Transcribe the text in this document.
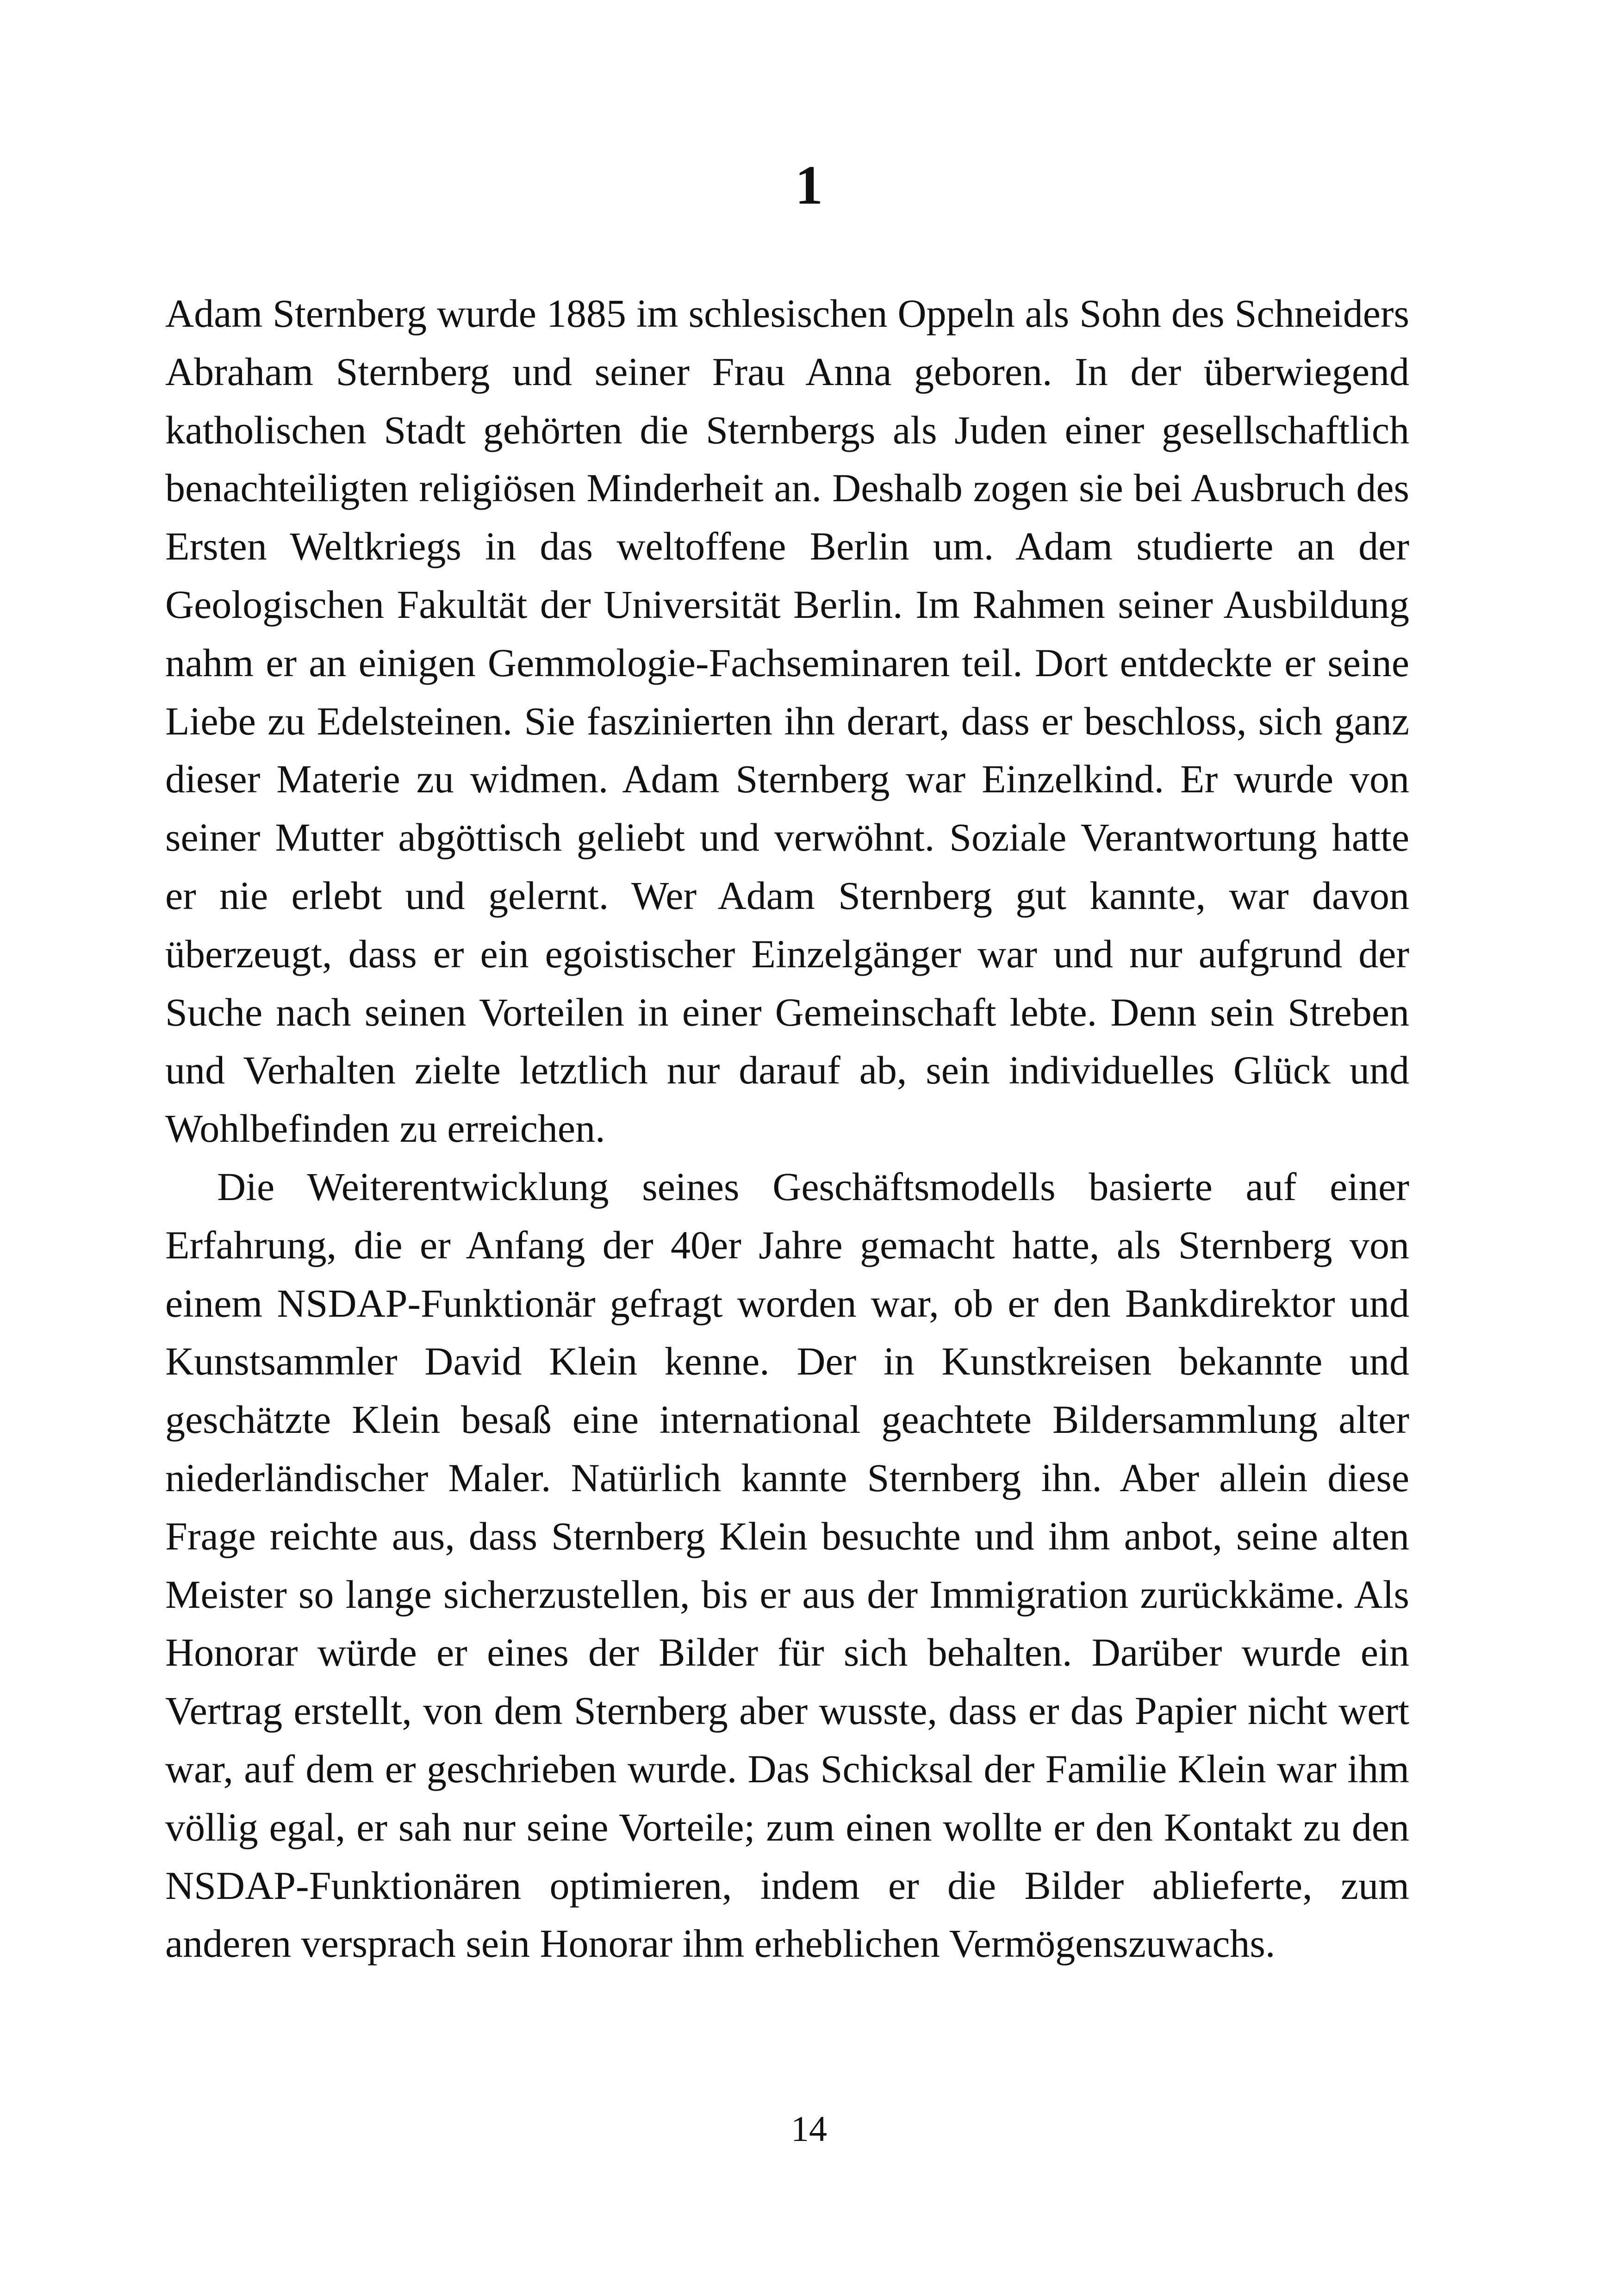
1

Adam Sternberg wurde 1885 im schlesischen Oppeln als Sohn des Schneiders Abraham Sternberg und seiner Frau Anna geboren. In der überwiegend katholischen Stadt gehörten die Sternbergs als Juden einer gesellschaftlich benachteiligten religiösen Minderheit an. Deshalb zogen sie bei Ausbruch des Ersten Weltkriegs in das weltoffene Berlin um. Adam studierte an der Geologischen Fakultät der Universität Berlin. Im Rahmen seiner Ausbildung nahm er an einigen Gemmologie-Fachseminaren teil. Dort entdeckte er seine Liebe zu Edelsteinen. Sie faszinierten ihn derart, dass er beschloss, sich ganz dieser Materie zu widmen. Adam Sternberg war Einzelkind. Er wurde von seiner Mutter abgöttisch geliebt und verwöhnt. Soziale Verantwortung hatte er nie erlebt und gelernt. Wer Adam Sternberg gut kannte, war davon überzeugt, dass er ein egoistischer Einzelgänger war und nur aufgrund der Suche nach seinen Vorteilen in einer Gemeinschaft lebte. Denn sein Streben und Verhalten zielte letztlich nur darauf ab, sein individuelles Glück und Wohlbefinden zu erreichen.

Die Weiterentwicklung seines Geschäftsmodells basierte auf einer Erfahrung, die er Anfang der 40er Jahre gemacht hatte, als Sternberg von einem NSDAP-Funktionär gefragt worden war, ob er den Bankdirektor und Kunstsammler David Klein kenne. Der in Kunstkreisen bekannte und geschätzte Klein besaß eine international geachtete Bildersammlung alter niederländischer Maler. Natürlich kannte Sternberg ihn. Aber allein diese Frage reichte aus, dass Sternberg Klein besuchte und ihm anbot, seine alten Meister so lange sicherzustellen, bis er aus der Immigration zurückkäme. Als Honorar würde er eines der Bilder für sich behalten. Darüber wurde ein Vertrag erstellt, von dem Sternberg aber wusste, dass er das Papier nicht wert war, auf dem er geschrieben wurde. Das Schicksal der Familie Klein war ihm völlig egal, er sah nur seine Vorteile; zum einen wollte er den Kontakt zu den NSDAP-Funktionären optimieren, indem er die Bilder ablieferte, zum anderen versprach sein Honorar ihm erheblichen Vermögenszuwachs.

14
